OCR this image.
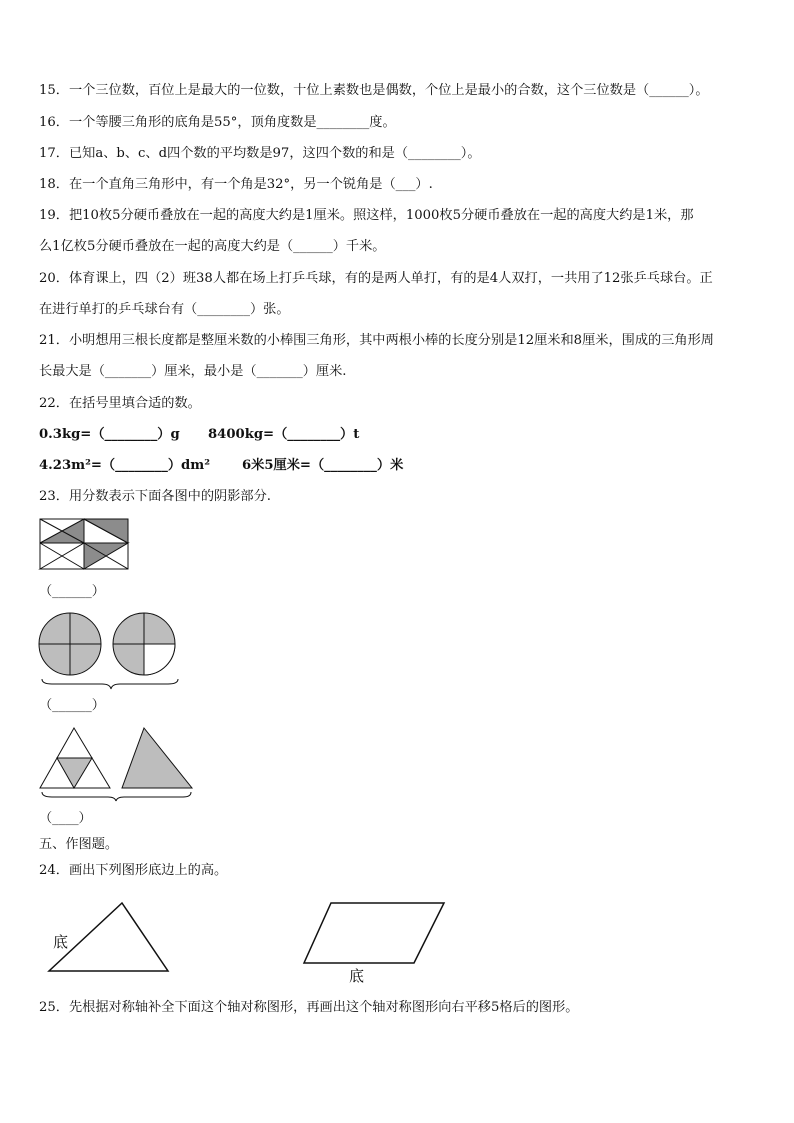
15．一个三位数，百位上是最大的一位数，十位上素数也是偶数，个位上是最小的合数，这个三位数是（______）。
16．一个等腰三角形的底角是55°，顶角度数是________度。
17．已知a、b、c、d四个数的平均数是97，这四个数的和是（________）。
18．在一个直角三角形中，有一个角是32°，另一个锐角是（___）.
19．把10枚5分硬币叠放在一起的高度大约是1厘米。照这样，1000枚5分硬币叠放在一起的高度大约是1米，那
么1亿枚5分硬币叠放在一起的高度大约是（______）千米。
20．体育课上，四（2）班38人都在场上打乒乓球，有的是两人单打，有的是4人双打，一共用了12张乒乓球台。正
在进行单打的乒乓球台有（________）张。
21．小明想用三根长度都是整厘米数的小棒围三角形，其中两根小棒的长度分别是12厘米和8厘米，围成的三角形周
长最大是（_______）厘米，最小是（_______）厘米.
22．在括号里填合适的数。
0.3kg=（________）g 8400kg=（________）t
4.23m²=（________）dm² 6米5厘米=（________）米
23．用分数表示下面各图中的阴影部分.
（______）
（______）
（____）
五、作图题。
24．画出下列图形底边上的高。
底
底
25．先根据对称轴补全下面这个轴对称图形，再画出这个轴对称图形向右平移5格后的图形。
